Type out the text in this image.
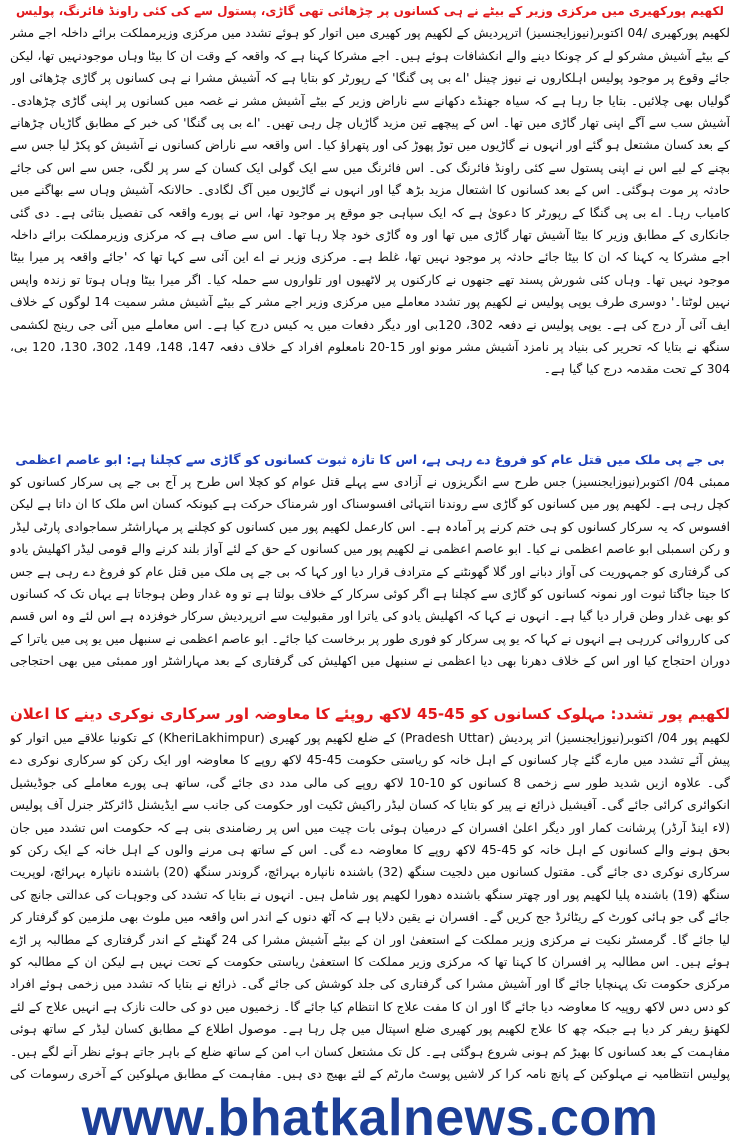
لکھیم پورکھیری میں مرکزی وزیر کے بیٹے نے ہی کسانوں پر چڑھائی تھی گاڑی، پستول سے کی کئی راونڈ فائرنگ، پولیس

لکھیم پورکھیری /04 اکتوبر(نیوزایجنسیز) اترپردیش کے لکھیم پور کھیری میں اتوار کو ہوئے تشدد میں مرکزی وزیرمملکت برائے داخلہ اجے مشر کے بیٹے آشیش مشرکو لے کر چونکا دینے والے انکشافات ہوئے ہیں۔ اجے مشرکا کہنا ہے کہ واقعہ کے وقت ان کا بیٹا وہاں موجودنہیں تھا، لیکن جائے وقوع پر موجود پولیس اہلکاروں نے نیوز چینل 'اے بی پی گنگا' کے رپورٹر کو بتایا ہے کہ آشیش مشرا نے ہی کسانوں پر گاڑی چڑھائی اور گولیاں بھی چلائیں۔ بتایا جا رہا ہے کہ سیاہ جھنڈے دکھانے سے ناراض وزیر کے بیٹے آشیش مشر نے غصہ میں کسانوں پر اپنی گاڑی چڑھادی۔ آشیش سب سے آگے اپنی تھار گاڑی میں تھا۔ اس کے پیچھے تین مزید گاڑیاں چل رہی تھیں۔ 'اے بی پی گنگا' کی خبر کے مطابق گاڑیاں چڑھانے کے بعد کسان مشتعل ہو گئے اور انہوں نے گاڑیوں میں توڑ پھوڑ کی اور پتھراؤ کیا۔ اس واقعہ سے ناراض کسانوں نے آشیش کو پکڑ لیا جس سے بچنے کے لیے اس نے اپنی پستول سے کئی راونڈ فائرنگ کی۔ اس فائرنگ میں سے ایک گولی ایک کسان کے سر پر لگی، جس سے اس کی جائے حادثہ پر موت ہوگئی۔ اس کے بعد کسانوں کا اشتعال مزید بڑھ گیا اور انہوں نے گاڑیوں میں آگ لگادی۔ حالانکہ آشیش وہاں سے بھاگنے میں کامیاب رہا۔ اے بی پی گنگا کے رپورٹر کا دعویٰ ہے کہ ایک سپاہی جو موقع پر موجود تھا، اس نے پورے واقعہ کی تفصیل بتائی ہے۔ دی گئی جانکاری کے مطابق وزیر کا بیٹا آشیش تھار گاڑی میں تھا اور وہ گاڑی خود چلا رہا تھا۔ اس سے صاف ہے کہ مرکزی وزیرمملکت برائے داخلہ اجے مشرکا یہ کہنا کہ ان کا بیٹا جائے حادثہ پر موجود نہیں تھا، غلط ہے۔ مرکزی وزیر نے اے این آئی سے کہا تھا کہ 'جائے واقعہ پر میرا بیٹا موجود نہیں تھا۔ وہاں کئی شورش پسند تھے جنھوں نے کارکنوں پر لاٹھیوں اور تلواروں سے حملہ کیا۔ اگر میرا بیٹا وہاں ہوتا تو زندہ واپس نہیں لوٹتا۔' دوسری طرف یوپی پولیس نے لکھیم پور تشدد معاملے میں مرکزی وزیر اجے مشر کے بیٹے آشیش مشر سمیت 14 لوگوں کے خلاف ایف آئی آر درج کی ہے۔ یوپی پولیس نے دفعہ 302، 120بی اور دیگر دفعات میں یہ کیس درج کیا ہے۔ اس معاملے میں آئی جی رینج لکشمی سنگھ نے بتایا کہ تحریر کی بنیاد پر نامزد آشیش مشر مونو اور 15-20 نامعلوم افراد کے خلاف دفعہ 147، 148، 149، 302، 130، 120 بی، 304 کے تحت مقدمہ درج کیا گیا ہے۔

بی جے پی ملک میں قتل عام کو فروغ دے رہی ہے، اس کا تازہ ثبوت کسانوں کو گاڑی سے کچلنا ہے: ابو عاصم اعظمی

ممبئی 04/ اکتوبر(نیوزایجنسیز) جس طرح سے انگریزوں نے آزادی سے پہلے قتل عوام کو کچلا اس طرح پر آج بی جے پی سرکار کسانوں کو کچل رہی ہے۔ لکھیم پور میں کسانوں کو گاڑی سے روندنا انتہائی افسوسناک اور شرمناک حرکت ہے کیونکہ کسان اس ملک کا ان داتا ہے لیکن افسوس کہ یہ سرکار کسانوں کو ہی ختم کرنے پر آمادہ ہے۔ اس کارعمل لکھیم پور میں کسانوں کو کچلنے پر مہاراشٹر سماجوادی پارٹی لیڈر و رکن اسمبلی ابو عاصم اعظمی نے کیا۔ ابو عاصم اعظمی نے لکھیم پور میں کسانوں کے حق کے لئے آواز بلند کرنے والے قومی لیڈر اکھلیش یادو کی گرفتاری کو جمہوریت کی آواز دبانے اور گلا گھونٹنے کے مترادف قرار دیا اور کہا کہ بی جے پی ملک میں قتل عام کو فروغ دے رہی ہے جس کا جیتا جاگتا ثبوت اور نمونہ کسانوں کو گاڑی سے کچلنا ہے اگر کوئی سرکار کے خلاف بولتا ہے تو وہ غدار وطن ہوجاتا ہے یہاں تک کہ کسانوں کو بھی غدار وطن قرار دیا گیا ہے۔ انہوں نے کہا کہ اکھلیش یادو کی یاترا اور مقبولیت سے اترپردیش سرکار خوفزدہ ہے اس لئے وہ اس قسم کی کارروائی کررہی ہے انہوں نے کہا کہ یو پی سرکار کو فوری طور پر برخاست کیا جائے۔ ابو عاصم اعظمی نے سنبھل میں یو پی میں یاترا کے دوران احتجاج کیا اور اس کے خلاف دھرنا بھی دیا اعظمی نے سنبھل میں اکھلیش کی گرفتاری کے بعد مہاراشٹر اور ممبئی میں بھی احتجاجی

لکھیم پور تشدد: مہلوک کسانوں کو 45-45 لاکھ روپئے کا معاوضہ اور سرکاری نوکری دینے کا اعلان

لکھیم پور 04/ اکتوبر(نیوزایجنسیز) اتر پردیش (Pradesh Uttar) کے ضلع لکھیم پور کھیری (KheriLakhimpur) کے تکونیا علاقے میں اتوار کو پیش آئے تشدد میں مارے گئے چار کسانوں کے اہل خانہ کو ریاستی حکومت 45-45 لاکھ روپے کا معاوضہ اور ایک رکن کو سرکاری نوکری دے گی۔ علاوہ ازیں شدید طور سے زخمی 8 کسانوں کو 10-10 لاکھ روپے کی مالی مدد دی جائے گی، ساتھ ہی پورے معاملے کی جوڈیشیل انکوائری کرائی جائے گی۔ آفیشیل ذرائع نے پیر کو بتایا کہ کسان لیڈر راکیش ٹکیت اور حکومت کی جانب سے ایڈیشنل ڈائرکٹر جنرل آف پولیس (لاء اینڈ آرڈر) پرشانت کمار اور دیگر اعلیٰ افسران کے درمیان ہوئی بات چیت میں اس پر رضامندی بنی ہے کہ حکومت اس تشدد میں جان بحق ہونے والے کسانوں کے اہل خانہ کو 45-45 لاکھ روپے کا معاوضہ دے گی۔ اس کے ساتھ ہی مرنے والوں کے اہل خانہ کے ایک رکن کو سرکاری نوکری دی جائے گی۔ مقتول کسانوں میں دلجیت سنگھ (32) باشندہ نانپارہ بہرائچ، گروندر سنگھ (20) باشندہ نانپارہ بہرائچ، لوپریت سنگھ (19) باشندہ پلیا لکھیم پور اور چھتر سنگھ باشندہ دھورا لکھیم پور شامل ہیں۔ انہوں نے بتایا کہ تشدد کی وجوہات کی عدالتی جانچ کی جائے گی جو ہائی کورٹ کے ریٹائرڈ جج کریں گے۔ افسران نے یقین دلایا ہے کہ آٹھ دنوں کے اندر اس واقعہ میں ملوث بھی ملزمین کو گرفتار کر لیا جائے گا۔ گرمسٹر نکیت نے مرکزی وزیر مملکت کے استعفیٰ اور ان کے بیٹے آشیش مشرا کی 24 گھنٹے کے اندر گرفتاری کے مطالبہ پر اڑے ہوئے ہیں۔ اس مطالبہ پر افسران کا کہنا تھا کہ مرکزی وزیر مملکت کا استعفیٰ ریاستی حکومت کے تحت نہیں ہے لیکن ان کے مطالبہ کو مرکزی حکومت تک پہنچایا جائے گا اور آشیش مشرا کی گرفتاری کی جلد کوشش کی جائے گی۔ ذرائع نے بتایا کہ تشدد میں زخمی ہوئے افراد کو دس دس لاکھ روپیہ کا معاوضہ دیا جائے گا اور ان کا مفت علاج کا انتظام کیا جائے گا۔ زخمیوں میں دو کی حالت نازک ہے انہیں علاج کے لئے لکھنؤ ریفر کر دیا ہے جبکہ چھ کا علاج لکھیم پور کھیری ضلع اسپتال میں چل رہا ہے۔ موصول اطلاع کے مطابق کسان لیڈر کے ساتھ ہوئی مفاہمت کے بعد کسانوں کا بھیڑ کم ہونی شروع ہوگئی ہے۔ کل تک مشتعل کسان اب امن کے ساتھ ضلع کے باہر جاتے ہوئے نظر آنے لگے ہیں۔ پولیس انتظامیہ نے مہلوکین کے پانچ نامہ کرا کر لاشیں پوسٹ مارٹم کے لئے بھیج دی ہیں۔ مفاہمت کے مطابق مہلوکین کے آخری رسومات کی

www.bhatkalnews.com
